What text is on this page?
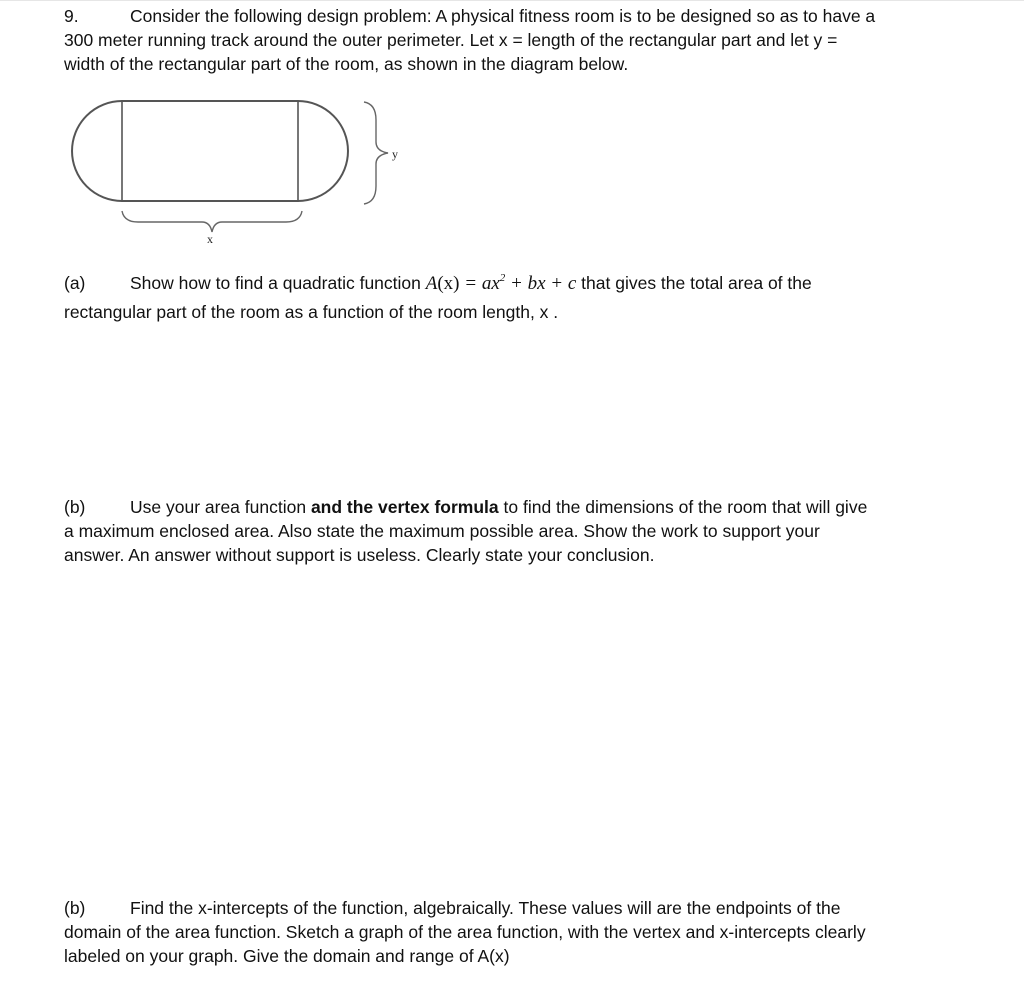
9.	Consider the following design problem: A physical fitness room is to be designed so as to have a
300 meter running track around the outer perimeter. Let x = length of the rectangular part and let y =
width of the rectangular part of the room, as shown in the diagram below.
y
x
(a)	Show how to find a quadratic function $A(x) = ax^2$ + bx + c that gives the total area of the
rectangular part of the room as a function of the room length, x .
(b)	Use your area function and the vertex formula to find the dimensions of the room that will give
a maximum enclosed area. Also state the maximum possible area. Show the work to support your
answer. An answer without support is useless. Clearly state your conclusion.
(b)	Find the x-intercepts of the function, algebraically. These values will are the endpoints of the
domain of the area function. Sketch a graph of the area function, with the vertex and x-intercepts clearly
labeled on your graph. Give the domain and range of A(x)
